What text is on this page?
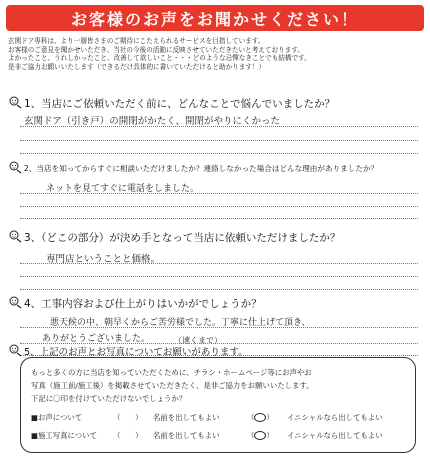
お客様のお声をお聞かせください！
玄関ドア専科は、より一層皆さまのご期待にこたえられるサービスを目指しています。
お客様のご意見を聞かせいただき、当社の今後の活動に反映させていただきたいと考えております。
よかったこと、うれしかったこと、改善して欲しいこと・・・どのような忌憚なきことでも結構です。
是非ご協力お願いいたします（できるだけ具体的に書いていただけると助かります！）
1、当店にご依頼いただく前に、どんなことで悩んでいましたか？
玄関ドア（引き戸）の開閉がかたく、開閉がやりにくかった
2、当店を知ってからすぐに相談いただけましたか？連絡しなかった場合はどんな理由がありましたか？
ネットを見てすぐに電話をしました。
3、（どこの部分）が決め手となって当店に依頼いただけましたか？
専門店ということと価格。
4、工事内容および仕上がりはいかがでしょうか？
悪天候の中、朝早くからご苦労様でした。丁寧に仕上げて頂き、
ありがとうございました。	（速くまで）
5、上記のお声とお写真についてお願いがあります。
もっと多くの方に当店を知っていただくために、チラシ・ホームページ等にお声やお
写真（施工前/施工後）を掲載させていただきたく、是非ご協力をお願いいたします。
下記に〇印を付けていただけないでしょうか？
■お声について	（　　）	名前を出してもよい	（○）	イニシャルなら出してもよい
■施工写真について	（　　）	名前を出してもよい	（○）	イニシャルなら出してもよい
